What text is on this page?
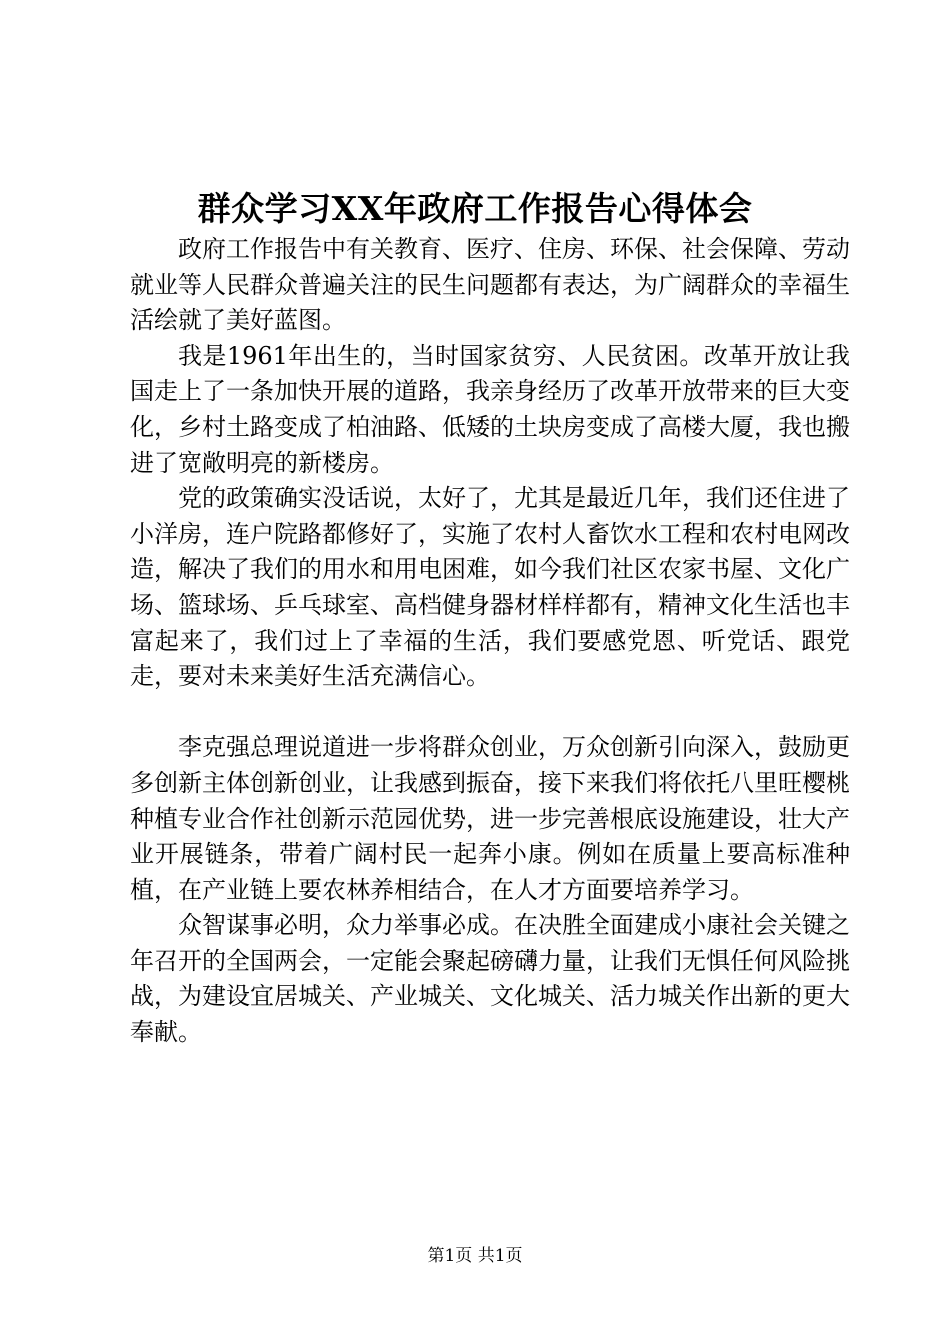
群众学习XX年政府工作报告心得体会

政府工作报告中有关教育、医疗、住房、环保、社会保障、劳动就业等人民群众普遍关注的民生问题都有表达，为广阔群众的幸福生活绘就了美好蓝图。

我是1961年出生的，当时国家贫穷、人民贫困。改革开放让我国走上了一条加快开展的道路，我亲身经历了改革开放带来的巨大变化，乡村土路变成了柏油路、低矮的土块房变成了高楼大厦，我也搬进了宽敞明亮的新楼房。

党的政策确实没话说，太好了，尤其是最近几年，我们还住进了小洋房，连户院路都修好了，实施了农村人畜饮水工程和农村电网改造，解决了我们的用水和用电困难，如今我们社区农家书屋、文化广场、篮球场、乒乓球室、高档健身器材样样都有，精神文化生活也丰富起来了，我们过上了幸福的生活，我们要感党恩、听党话、跟党走，要对未来美好生活充满信心。

李克强总理说道进一步将群众创业，万众创新引向深入，鼓励更多创新主体创新创业，让我感到振奋，接下来我们将依托八里旺樱桃种植专业合作社创新示范园优势，进一步完善根底设施建设，壮大产业开展链条，带着广阔村民一起奔小康。例如在质量上要高标准种植，在产业链上要农林养相结合，在人才方面要培养学习。

众智谋事必明，众力举事必成。在决胜全面建成小康社会关键之年召开的全国两会，一定能会聚起磅礴力量，让我们无惧任何风险挑战，为建设宜居城关、产业城关、文化城关、活力城关作出新的更大奉献。

第1页 共1页
